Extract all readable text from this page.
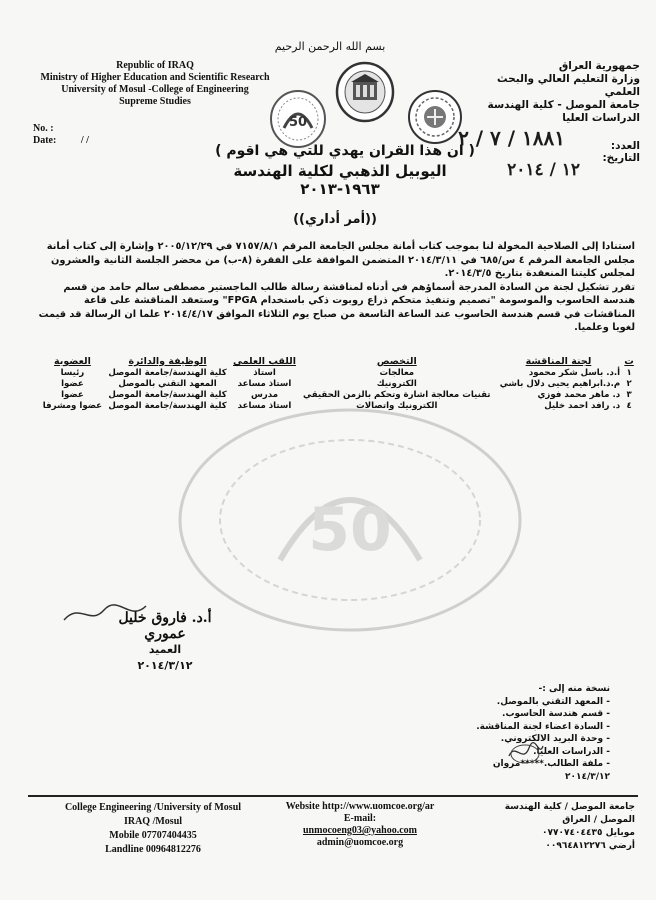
بسم الله الرحمن الرحيم
Republic of IRAQ
Ministry of Higher Education and Scientific Research
University of Mosul -College of Engineering
Supreme Studies
جمهورية العراق
وزارة التعليم العالي والبحث العلمي
جامعة الموصل - كلية الهندسة
الدراسات العليا
50
No. :
Date: / /	العدد:
التاريخ:
١٨٨١ / ٧ / ٢
١٢ / ٢٠١٤
( ان هذا القران يهدي للتي هي اقوم )
اليوبيل الذهبي لكلية الهندسة ١٩٦٣-٢٠١٣
((أمر أداري))

استنادا إلى الصلاحية المخولة لنا بموجب كتاب أمانة مجلس الجامعة المرقم ٧١٥٧/٨/١ في ٢٠٠٥/١٢/٢٩ وإشارة إلى كتاب أمانة مجلس الجامعة المرقم ٤ س/٦٨٥ في ٢٠١٤/٣/١١ المتضمن الموافقة على الفقرة (٨-ب) من محضر الجلسة الثانية والعشرون لمجلس كليتنا المنعقدة بتاريخ ٢٠١٤/٣/٥.

تقرر تشكيل لجنة من السادة المدرجة أسماؤهم في أدناه لمناقشة رسالة طالب الماجستير مصطفى سالم حامد من قسم هندسة الحاسوب والموسومة "تصميم وتنفيذ متحكم ذراع روبوت ذكي باستخدام FPGA" وستعقد المناقشة على قاعة المناقشات في قسم هندسة الحاسوب عند الساعة التاسعة من صباح يوم الثلاثاء الموافق ٢٠١٤/٤/١٧ علما ان الرسالة قد قيمت لغويا وعلميا.

50
ت	لجنة المناقشة	التخصص	اللقب العلمي	الوظيفة والدائرة	العضوية
١	أ.د. باسل شكر محمود	معالجات	استاذ	كلية الهندسة/جامعة الموصل	رئيسا
٢	م.د.ابراهيم يحيى دلال باشي	الكترونيك	استاذ مساعد	المعهد التقني بالموصل	عضوا
٣	د. ماهر محمد فوزي	تقنيات معالجة اشارة وتحكم بالزمن الحقيقي	مدرس	كلية الهندسة/جامعة الموصل	عضوا
٤	د. رافد احمد خليل	الكترونيك واتصالات	استاذ مساعد	كلية الهندسة/جامعة الموصل	عضوا ومشرفا
أ.د. فاروق خليل عموري
العميد
٢٠١٤/٣/١٢
نسخة منه إلى :-
- المعهد التقني بالموصل.
- قسم هندسة الحاسوب.
- السادة اعضاء لجنة المناقشة.
- وحدة البريد الالكتروني.
- الدراسات العليا.
- ملفة الطالب.*****مروان
٢٠١٤/٣/١٢
College Engineering /University of Mosul
IRAQ /Mosul
Mobile 07707404435
Landline 00964812276
Website http://www.uomcoe.org/ar
E-mail:
unmocoeng03@yahoo.com
admin@uomcoe.org
جامعة الموصل / كلية الهندسة
الموصل / العراق
موبايل ٠٧٧٠٧٤٠٤٤٣٥
أرضي ٠٠٩٦٤٨١٢٢٧٦
